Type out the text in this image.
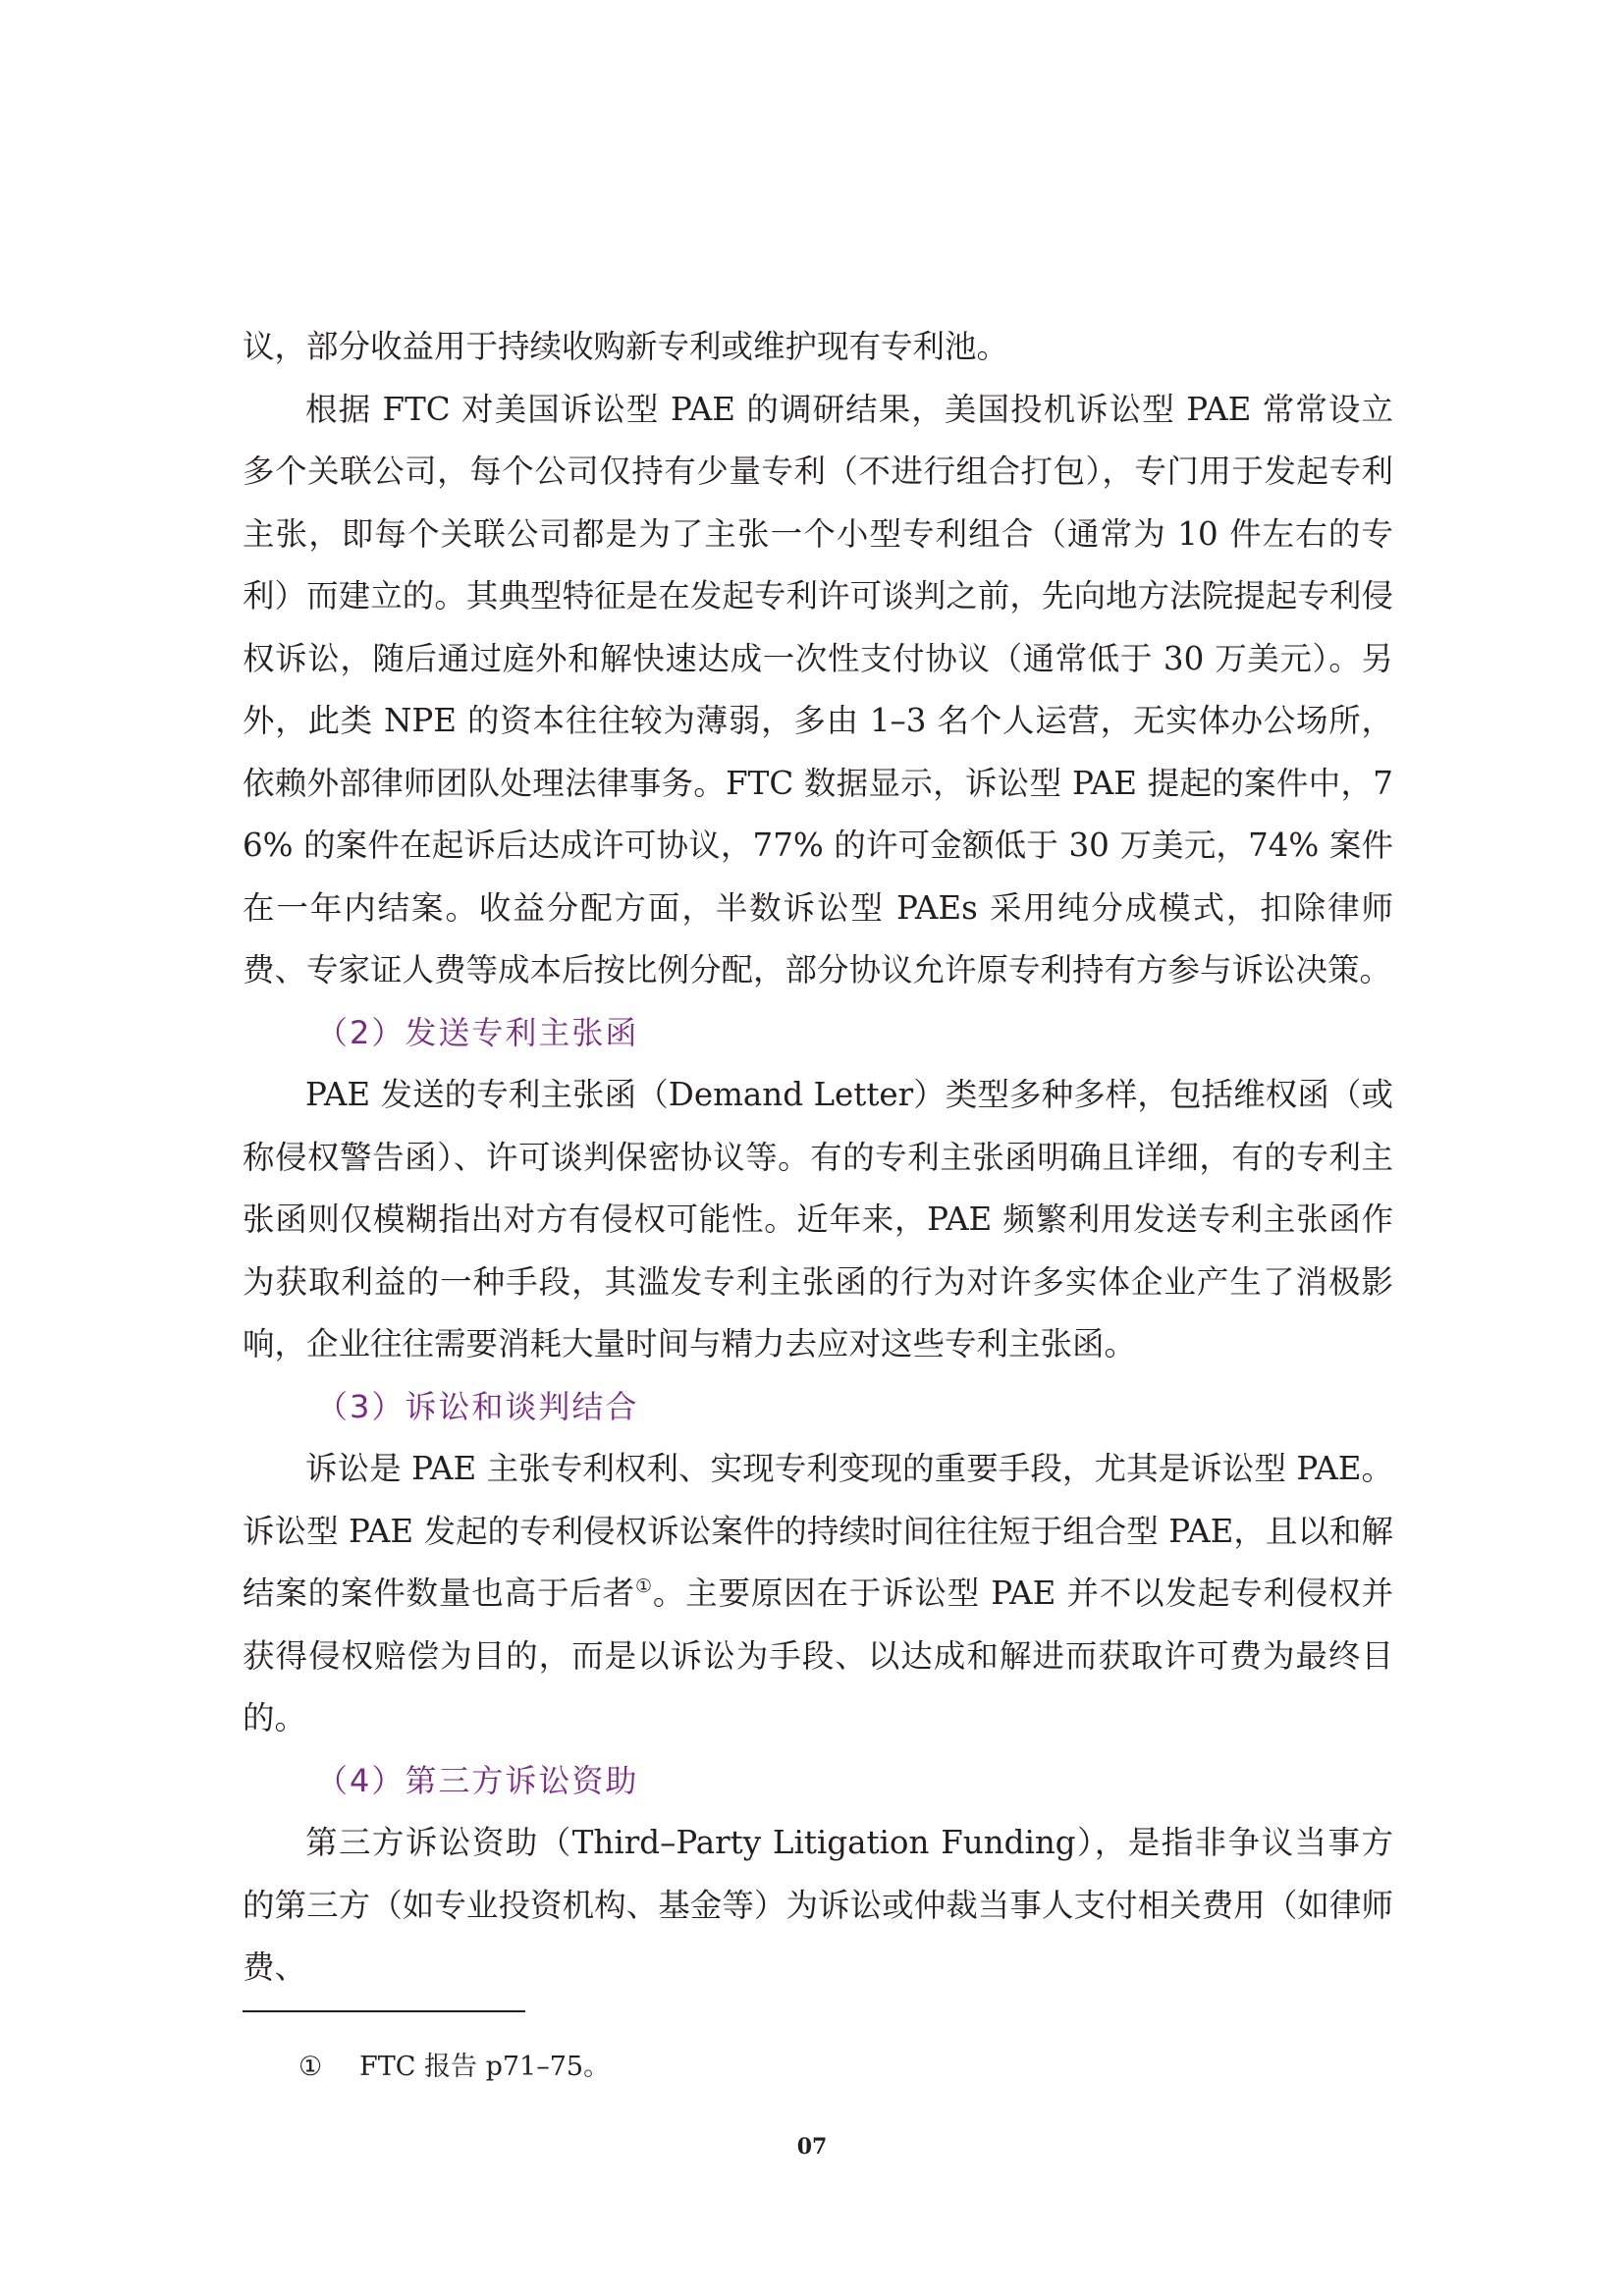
议，部分收益用于持续收购新专利或维护现有专利池。

根据 FTC 对美国诉讼型 PAE 的调研结果，美国投机诉讼型 PAE 常常设立多个关联公司，每个公司仅持有少量专利（不进行组合打包），专门用于发起专利主张，即每个关联公司都是为了主张一个小型专利组合（通常为 10 件左右的专利）而建立的。其典型特征是在发起专利许可谈判之前，先向地方法院提起专利侵权诉讼，随后通过庭外和解快速达成一次性支付协议（通常低于 30 万美元）。另外，此类 NPE 的资本往往较为薄弱，多由 1–3 名个人运营，无实体办公场所，依赖外部律师团队处理法律事务。FTC 数据显示，诉讼型 PAE 提起的案件中，76% 的案件在起诉后达成许可协议，77% 的许可金额低于 30 万美元，74% 案件在一年内结案。收益分配方面，半数诉讼型 PAEs 采用纯分成模式，扣除律师费、专家证人费等成本后按比例分配，部分协议允许原专利持有方参与诉讼决策。

（2）发送专利主张函

PAE 发送的专利主张函（Demand Letter）类型多种多样，包括维权函（或称侵权警告函）、许可谈判保密协议等。有的专利主张函明确且详细，有的专利主张函则仅模糊指出对方有侵权可能性。近年来，PAE 频繁利用发送专利主张函作为获取利益的一种手段，其滥发专利主张函的行为对许多实体企业产生了消极影响，企业往往需要消耗大量时间与精力去应对这些专利主张函。

（3）诉讼和谈判结合

诉讼是 PAE 主张专利权利、实现专利变现的重要手段，尤其是诉讼型 PAE。诉讼型 PAE 发起的专利侵权诉讼案件的持续时间往往短于组合型 PAE，且以和解结案的案件数量也高于后者①。主要原因在于诉讼型 PAE 并不以发起专利侵权并获得侵权赔偿为目的，而是以诉讼为手段、以达成和解进而获取许可费为最终目的。

（4）第三方诉讼资助

第三方诉讼资助（Third–Party Litigation Funding），是指非争议当事方的第三方（如专业投资机构、基金等）为诉讼或仲裁当事人支付相关费用（如律师费、

① FTC 报告 p71–75。
07
